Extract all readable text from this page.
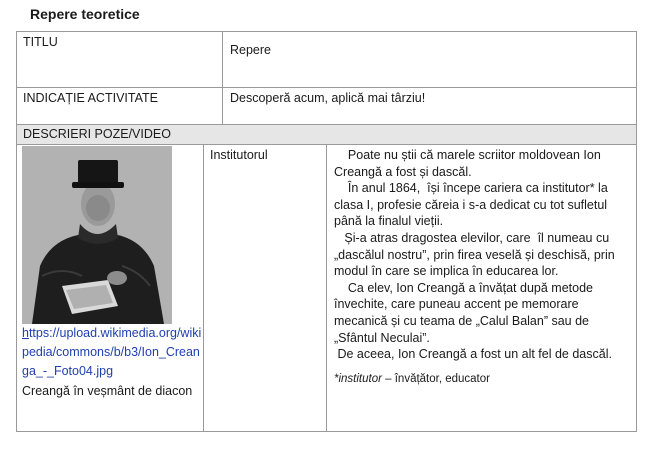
Repere teoretice
TITLU
Repere
INDICAȚIE ACTIVITATE	Descoperă acum, aplică mai târziu!
DESCRIERI POZE/VIDEO
https://upload.wikimedia.org/wikipedia/commons/b/b3/Ion_Creanga_-_Foto04.jpg
Creangă în veșmânt de diacon
Institutorul	Poate nu știi că marele scriitor moldovean Ion Creangă a fost și dascăl.

În anul 1864,  își începe cariera ca institutor* la clasa I, profesie căreia i s-a dedicat cu tot sufletul până la finalul vieții.

Și-a atras dragostea elevilor, care  îl numeau cu „dascălul nostru”, prin firea veselă și deschisă, prin modul în care se implica în educarea lor.

Ca elev, Ion Creangă a învățat după metode învechite, care puneau accent pe memorare mecanică și cu teama de „Calul Balan” sau de „Sfântul Neculai”.

De aceea, Ion Creangă a fost un alt fel de dascăl.

*institutor – învățător, educator
